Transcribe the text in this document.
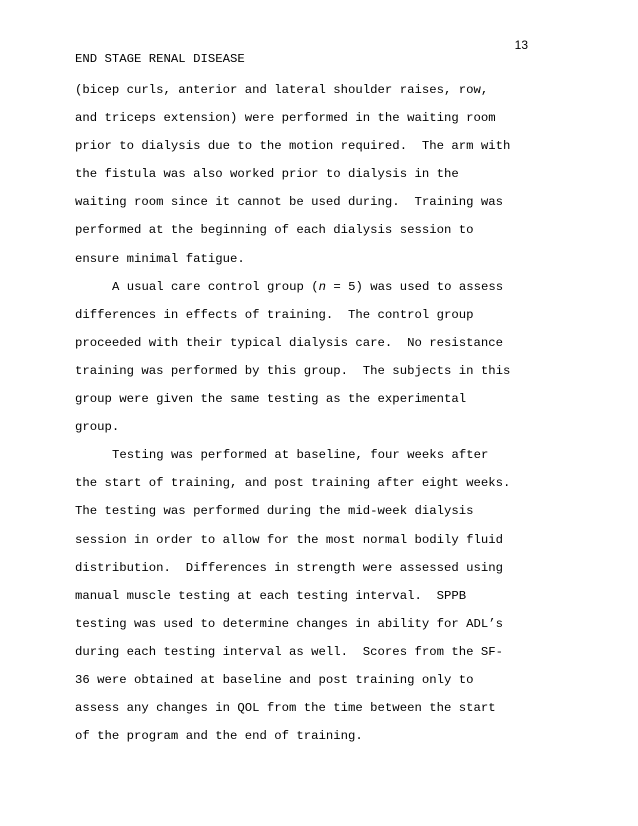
13
END STAGE RENAL DISEASE
(bicep curls, anterior and lateral shoulder raises, row,
and triceps extension) were performed in the waiting room
prior to dialysis due to the motion required.  The arm with
the fistula was also worked prior to dialysis in the
waiting room since it cannot be used during.  Training was
performed at the beginning of each dialysis session to
ensure minimal fatigue.
A usual care control group (n = 5) was used to assess
differences in effects of training.  The control group
proceeded with their typical dialysis care.  No resistance
training was performed by this group.  The subjects in this
group were given the same testing as the experimental
group.
Testing was performed at baseline, four weeks after
the start of training, and post training after eight weeks.
The testing was performed during the mid-week dialysis
session in order to allow for the most normal bodily fluid
distribution.  Differences in strength were assessed using
manual muscle testing at each testing interval.  SPPB
testing was used to determine changes in ability for ADL’s
during each testing interval as well.  Scores from the SF-
36 were obtained at baseline and post training only to
assess any changes in QOL from the time between the start
of the program and the end of training.
